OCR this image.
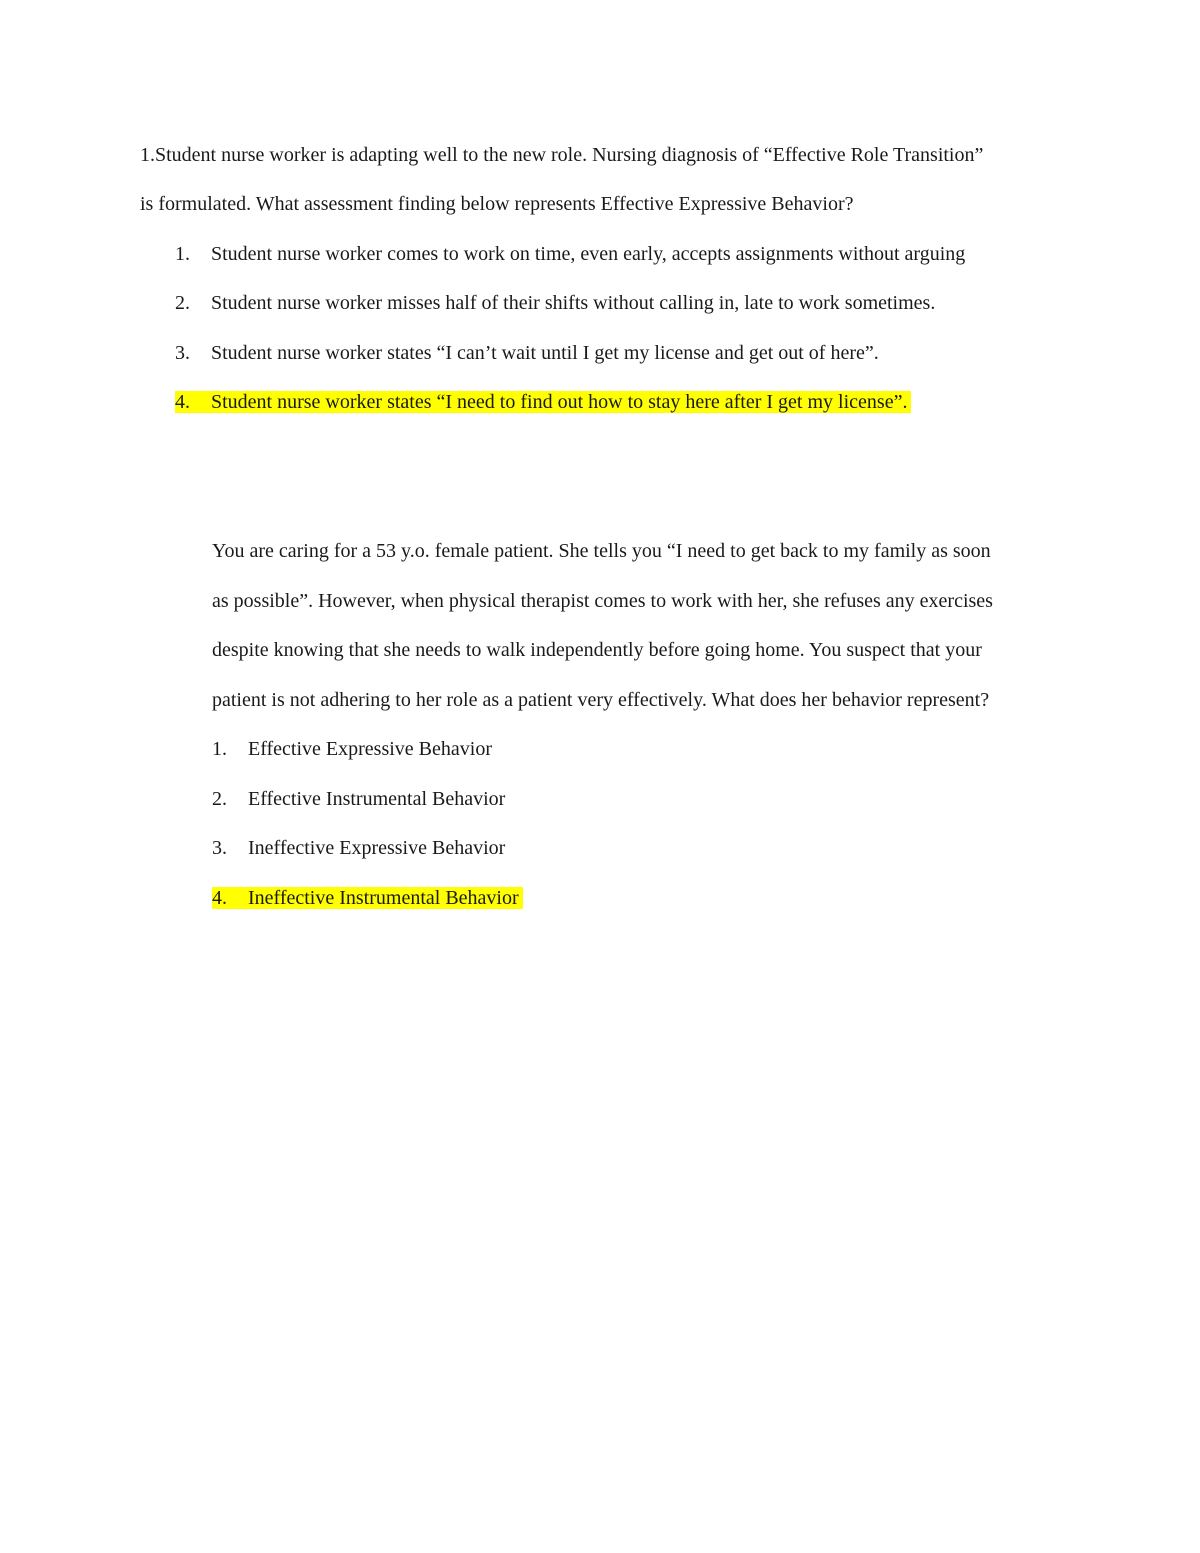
1.Student nurse worker is adapting well to the new role. Nursing diagnosis of “Effective Role Transition”
is formulated. What assessment finding below represents Effective Expressive Behavior?
1. Student nurse worker comes to work on time, even early, accepts assignments without arguing
2. Student nurse worker misses half of their shifts without calling in, late to work sometimes.
3. Student nurse worker states “I can’t wait until I get my license and get out of here”.
4. Student nurse worker states “I need to find out how to stay here after I get my license”.
You are caring for a 53 y.o. female patient. She tells you “I need to get back to my family as soon
as possible”. However, when physical therapist comes to work with her, she refuses any exercises
despite knowing that she needs to walk independently before going home. You suspect that your
patient is not adhering to her role as a patient very effectively. What does her behavior represent?
1. Effective Expressive Behavior
2. Effective Instrumental Behavior
3. Ineffective Expressive Behavior
4. Ineffective Instrumental Behavior
